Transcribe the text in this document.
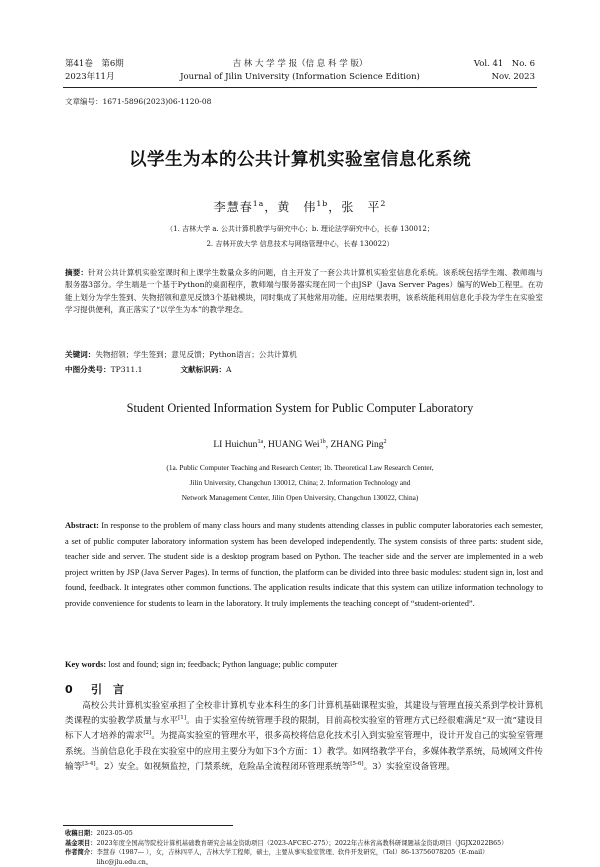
第41卷　第6期
2023年11月
吉 林 大 学 学 报（信 息 科 学 版）
Journal of Jilin University (Information Science Edition)
Vol. 41　No. 6
Nov. 2023
文章编号：1671-5896(2023)06-1120-08
以学生为本的公共计算机实验室信息化系统
李慧春$^{1a}$，黄　伟$^{1b}$，张　平$^2$
（1. 吉林大学 a. 公共计算机教学与研究中心；b. 理论法学研究中心，长春 130012；
2. 吉林开放大学 信息技术与网络管理中心，长春 130022）
摘要：针对公共计算机实验室课时和上课学生数量众多的问题，自主开发了一套公共计算机实验室信息化系统。该系统包括学生端、教师端与服务器3部分。学生端是一个基于Python的桌面程序，教师端与服务器实现在同一个由JSP（Java Server Pages）编写的Web工程里。在功能上划分为学生签到、失物招领和意见反馈3个基础模块，同时集成了其他常用功能。应用结果表明，该系统能利用信息化手段为学生在实验室学习提供便利，真正落实了“以学生为本”的教学理念。
关键词：失物招领；学生签到；意见反馈；Python语言；公共计算机
中图分类号：TP311.1	文献标识码：A
Student Oriented Information System for Public Computer Laboratory
LI Huichun$^{1a}$, HUANG Wei$^{1b}$, ZHANG Ping$^2$
(1a. Public Computer Teaching and Research Center; 1b. Theoretical Law Research Center,
Jilin University, Changchun 130012, China; 2. Information Technology and
Network Management Center, Jilin Open University, Changchun 130022, China)
Abstract: In response to the problem of many class hours and many students attending classes in public computer laboratories each semester, a set of public computer laboratory information system has been developed independently. The system consists of three parts: student side, teacher side and server. The student side is a desktop program based on Python. The teacher side and the server are implemented in a web project written by JSP (Java Server Pages). In terms of function, the platform can be divided into three basic modules: student sign in, lost and found, feedback. It integrates other common functions. The application results indicate that this system can utilize information technology to provide convenience for students to learn in the laboratory. It truly implements the teaching concept of “student-oriented”.
Key words: lost and found; sign in; feedback; Python language; public computer
0 引　言
高校公共计算机实验室承担了全校非计算机专业本科生的多门计算机基础课程实验，其建设与管理直接关系到学校计算机类课程的实验教学质量与水平[1]。由于实验室传统管理手段的限制，目前高校实验室的管理方式已经很难满足“双一流”建设目标下人才培养的需求[2]。为提高实验室的管理水平，很多高校将信息化技术引入到实验室管理中，设计开发自己的实验室管理系统。当前信息化手段在实验室中的应用主要分为如下3个方面：1）教学。如网络教学平台，多媒体教学系统，局域网文件传输等[3-4]。2）安全。如视频监控，门禁系统，危险品全流程闭环管理系统等[5-6]。3）实验室设备管理。
收稿日期： 2023-05-05
基金项目： 2023年度全国高等院校计算机基础教育研究会基金资助项目（2023-AFCEC-275）；2022年吉林省高教科研课题基金资助项目（JGJX2022B65）
作者简介： 李慧春（1987— ），女，吉林四平人，吉林大学工程师，硕士，主要从事实验室管理、软件开发研究，（Tel）86-13756078205（E-mail）lihc@jlu.edu.cn。
